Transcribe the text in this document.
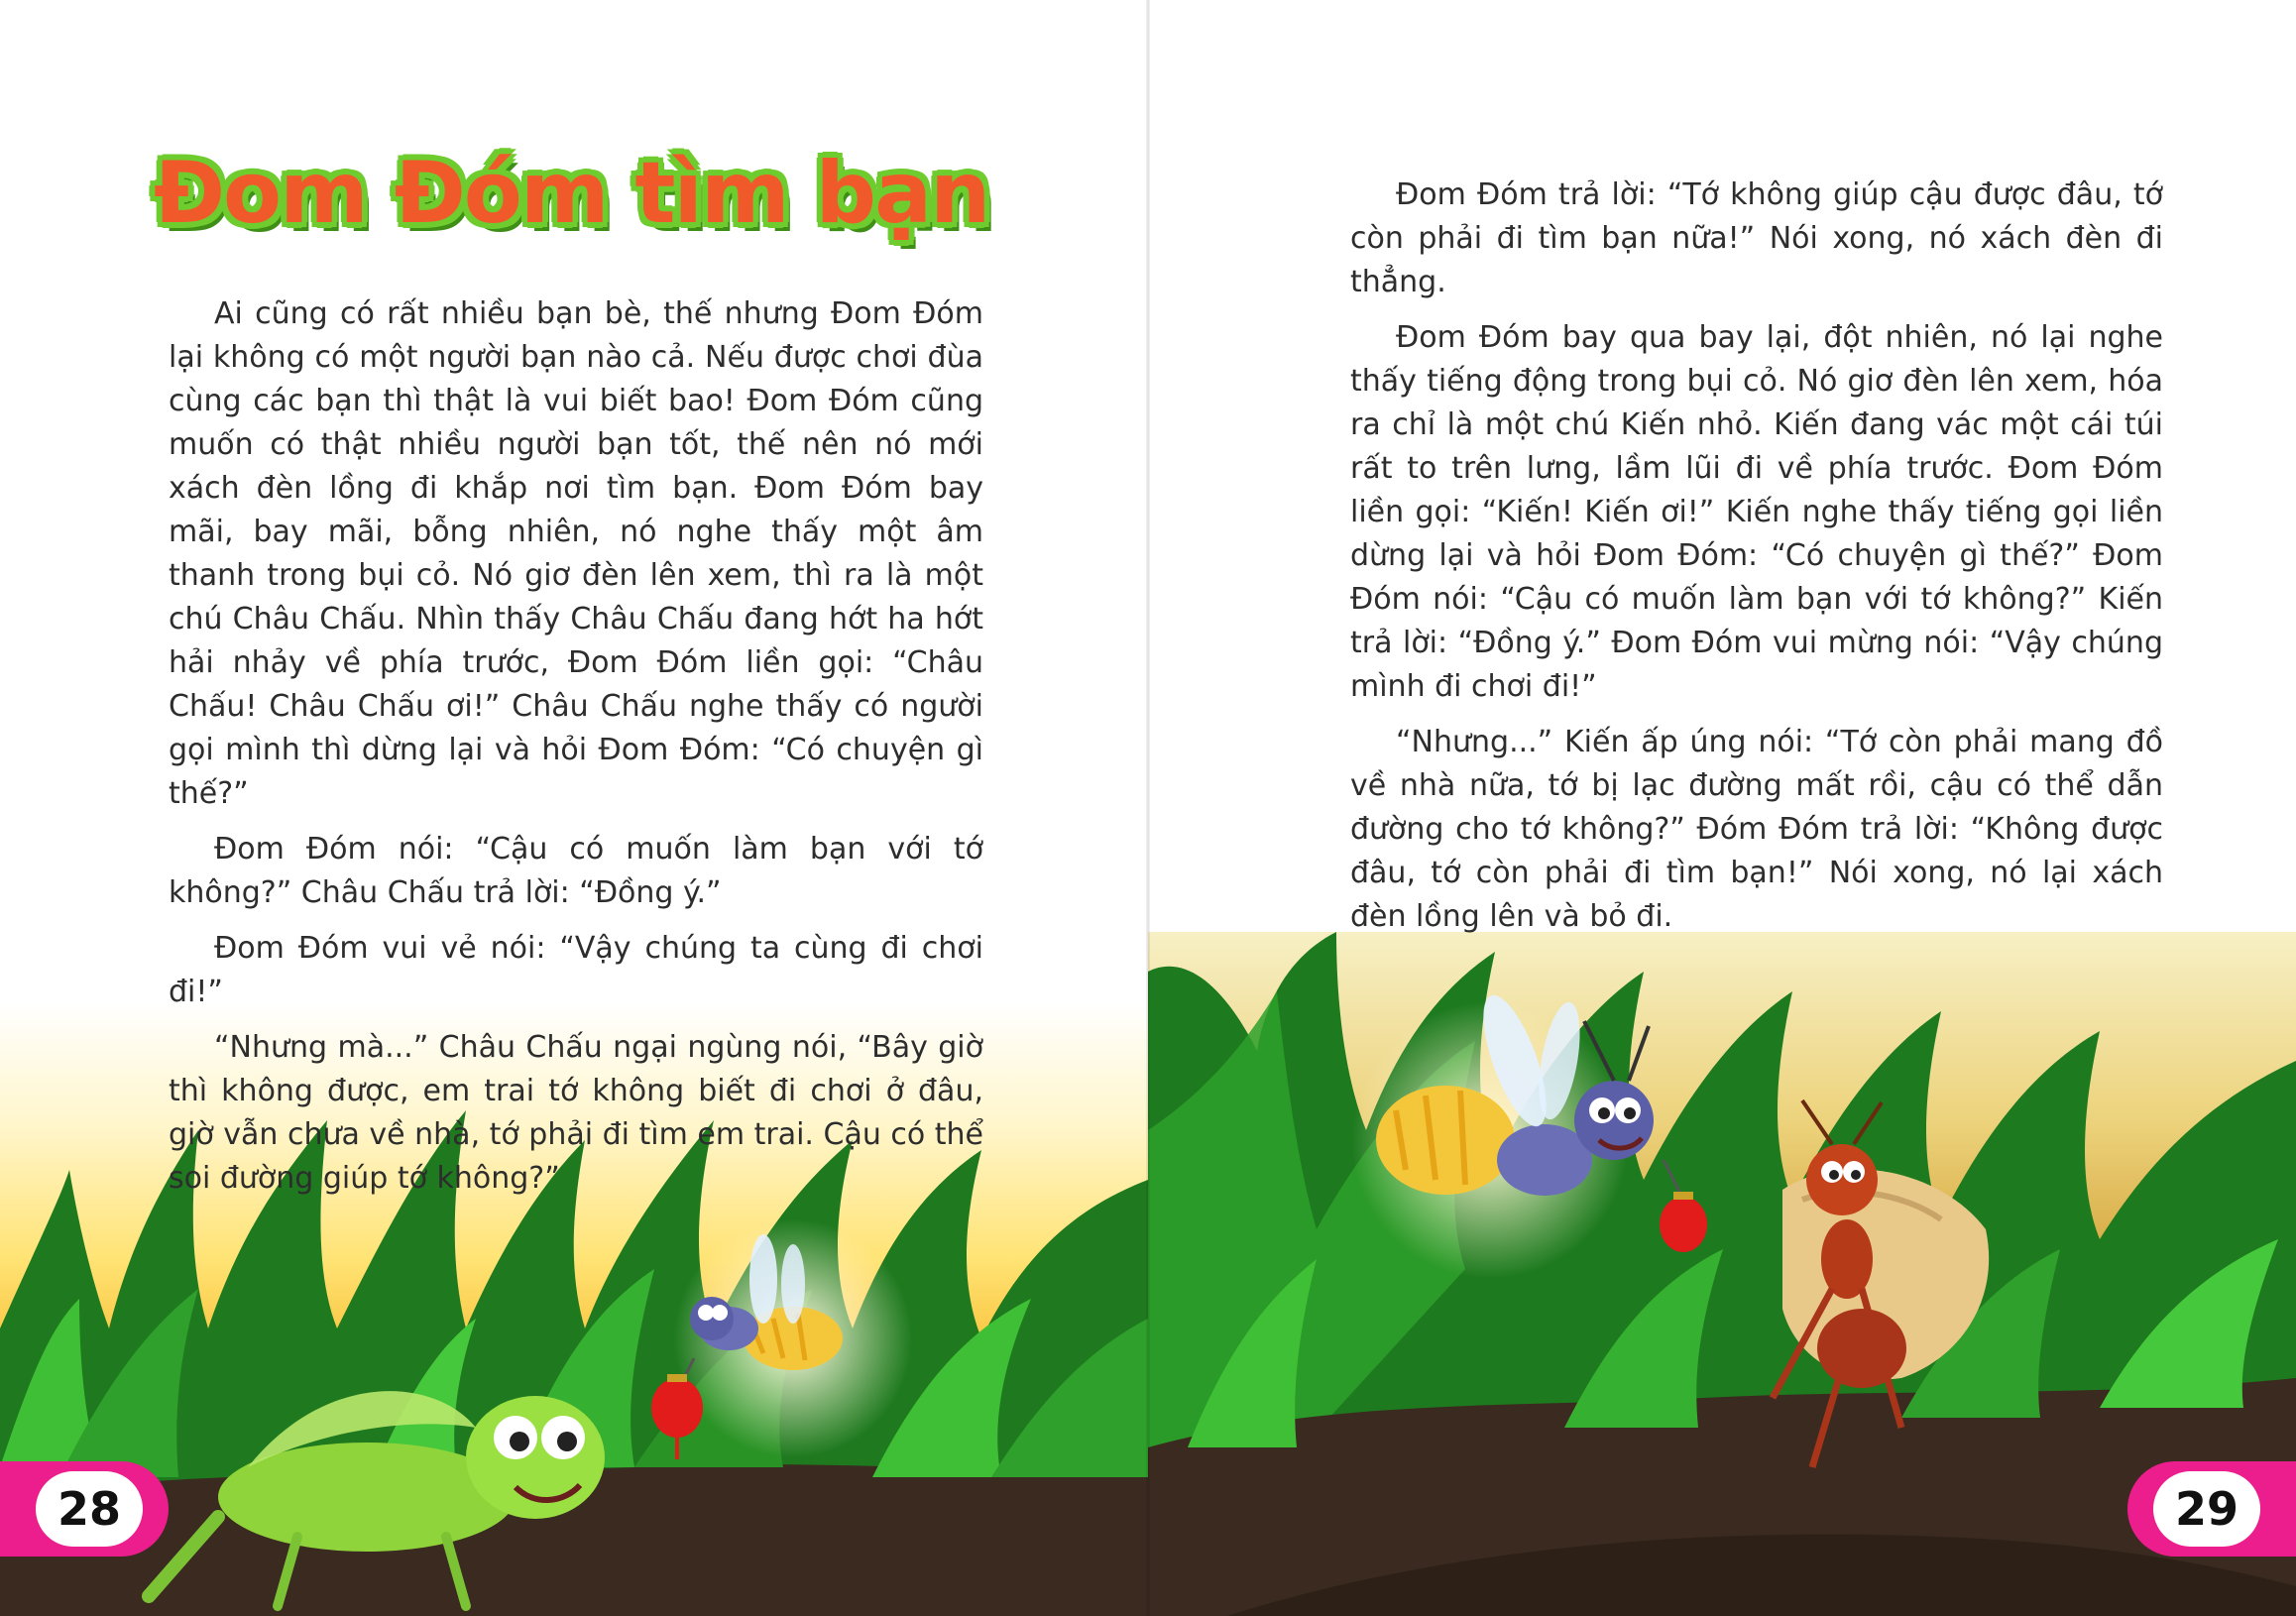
Đom Đóm tìm bạn

Ai cũng có rất nhiều bạn bè, thế nhưng Đom Đóm lại không có một người bạn nào cả. Nếu được chơi đùa cùng các bạn thì thật là vui biết bao! Đom Đóm cũng muốn có thật nhiều người bạn tốt, thế nên nó mới xách đèn lồng đi khắp nơi tìm bạn. Đom Đóm bay mãi, bay mãi, bỗng nhiên, nó nghe thấy một âm thanh trong bụi cỏ. Nó giơ đèn lên xem, thì ra là một chú Châu Chấu. Nhìn thấy Châu Chấu đang hớt ha hớt hải nhảy về phía trước, Đom Đóm liền gọi: “Châu Chấu! Châu Chấu ơi!” Châu Chấu nghe thấy có người gọi mình thì dừng lại và hỏi Đom Đóm: “Có chuyện gì thế?”

Đom Đóm nói: “Cậu có muốn làm bạn với tớ không?” Châu Chấu trả lời: “Đồng ý.”

Đom Đóm vui vẻ nói: “Vậy chúng ta cùng đi chơi đi!”

“Nhưng mà...” Châu Chấu ngại ngùng nói, “Bây giờ thì không được, em trai tớ không biết đi chơi ở đâu, giờ vẫn chưa về nhà, tớ phải đi tìm em trai. Cậu có thể soi đường giúp tớ không?”

28

Đom Đóm trả lời: “Tớ không giúp cậu được đâu, tớ còn phải đi tìm bạn nữa!” Nói xong, nó xách đèn đi thẳng.

Đom Đóm bay qua bay lại, đột nhiên, nó lại nghe thấy tiếng động trong bụi cỏ. Nó giơ đèn lên xem, hóa ra chỉ là một chú Kiến nhỏ. Kiến đang vác một cái túi rất to trên lưng, lầm lũi đi về phía trước. Đom Đóm liền gọi: “Kiến! Kiến ơi!” Kiến nghe thấy tiếng gọi liền dừng lại và hỏi Đom Đóm: “Có chuyện gì thế?” Đom Đóm nói: “Cậu có muốn làm bạn với tớ không?” Kiến trả lời: “Đồng ý.” Đom Đóm vui mừng nói: “Vậy chúng mình đi chơi đi!”

“Nhưng...” Kiến ấp úng nói: “Tớ còn phải mang đồ về nhà nữa, tớ bị lạc đường mất rồi, cậu có thể dẫn đường cho tớ không?” Đóm Đóm trả lời: “Không được đâu, tớ còn phải đi tìm bạn!” Nói xong, nó lại xách đèn lồng lên và bỏ đi.

29
